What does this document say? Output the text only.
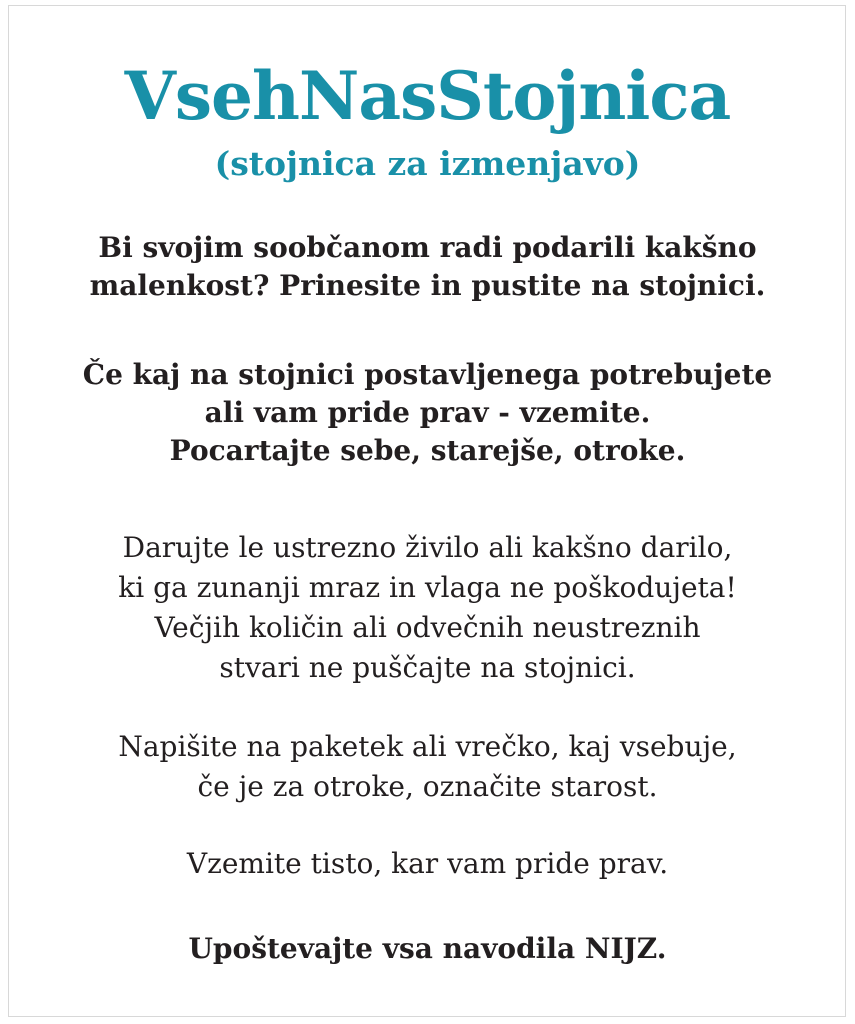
VsehNasStojnica
(stojnica za izmenjavo)
Bi svojim soobčanom radi podarili kakšno
malenkost? Prinesite in pustite na stojnici.
Če kaj na stojnici postavljenega potrebujete
ali vam pride prav - vzemite.
Pocartajte sebe, starejše, otroke.
Darujte le ustrezno živilo ali kakšno darilo,
ki ga zunanji mraz in vlaga ne poškodujeta!
Večjih količin ali odvečnih neustreznih
stvari ne puščajte na stojnici.
Napišite na paketek ali vrečko, kaj vsebuje,
če je za otroke, označite starost.
Vzemite tisto, kar vam pride prav.
Upoštevajte vsa navodila NIJZ.
